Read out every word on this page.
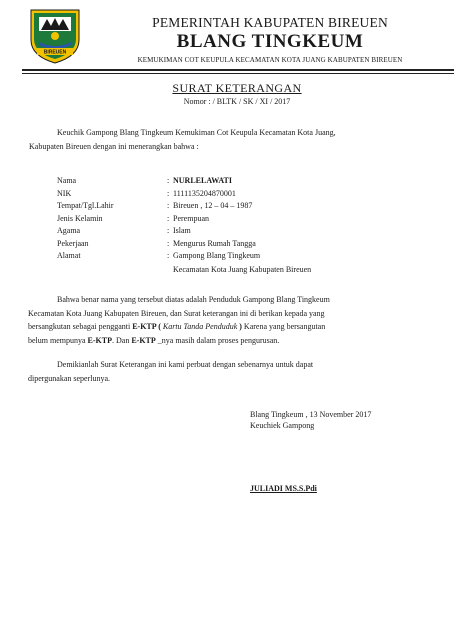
BIREUEN
PEMERINTAH KABUPATEN BIREUEN
BLANG TINGKEUM
KEMUKIMAN COT KEUPULA KECAMATAN KOTA JUANG KABUPATEN BIREUEN
SURAT KETERANGAN
Nomor : / BLTK / SK / XI / 2017
Keuchik Gampong Blang Tingkeum Kemukiman Cot Keupula Kecamatan Kota Juang,
Kabupaten Bireuen dengan ini menerangkan bahwa :
Nama	: NURLELAWATI
NIK	: 1111135204870001
Tempat/Tgl.Lahir	: Bireuen , 12 – 04 – 1987
Jenis Kelamin	: Perempuan
Agama	: Islam
Pekerjaan	: Mengurus Rumah Tangga
Alamat	: Gampong Blang Tingkeum
Kecamatan Kota Juang Kabupaten Bireuen
Bahwa benar nama yang tersebut diatas adalah Penduduk Gampong Blang Tingkeum
Kecamatan Kota Juang Kabupaten Bireuen, dan Surat keterangan ini di berikan kepada yang
bersangkutan sebagai pengganti E-KTP ( Kartu Tanda Penduduk ) Karena yang bersangutan
belum mempunya E-KTP. Dan E-KTP _nya masih dalam proses pengurusan.
Demikianlah Surat Keterangan ini kami perbuat dengan sebenarnya untuk dapat
dipergunakan seperlunya.
Blang Tingkeum , 13 November 2017
Keuchiek Gampong
JULIADI MS.S.Pdi
